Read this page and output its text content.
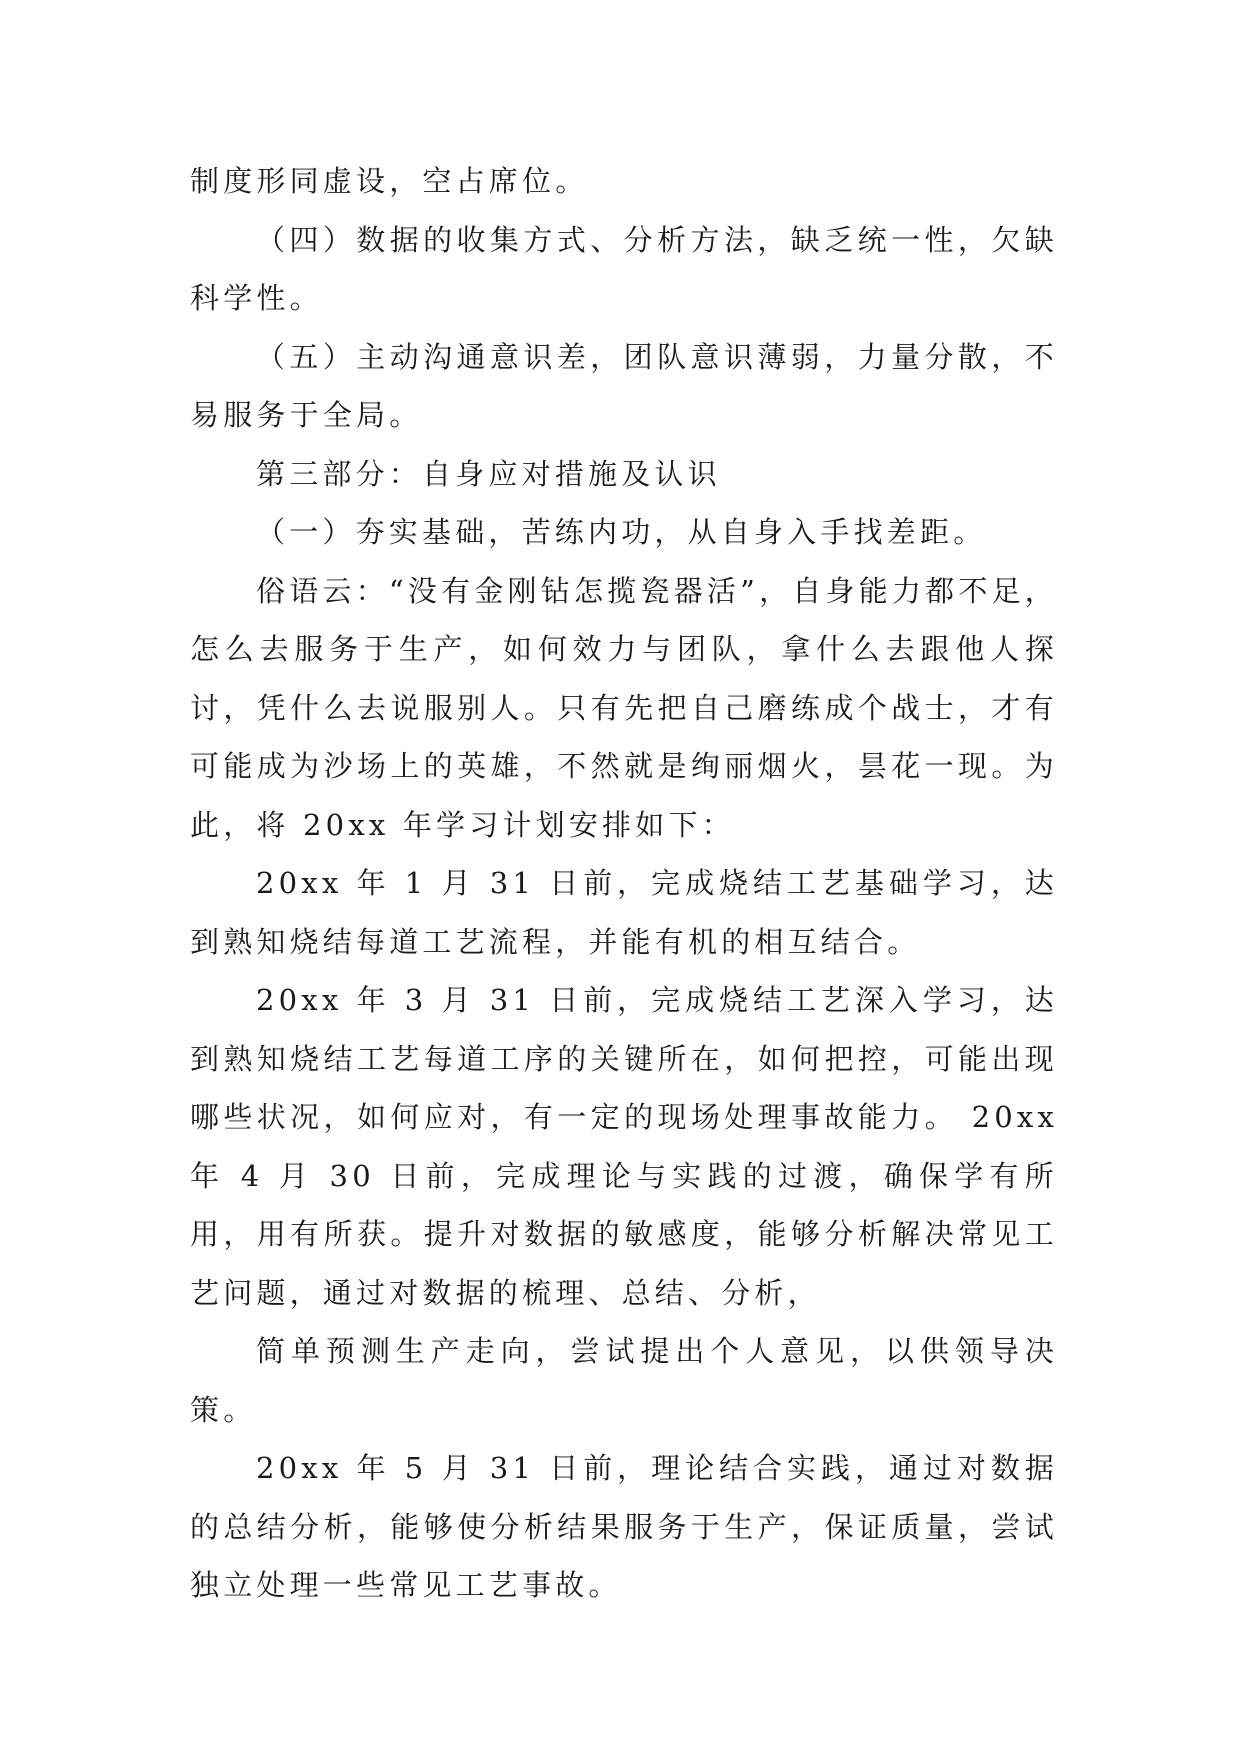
制度形同虚设，空占席位。

（四）数据的收集方式、分析方法，缺乏统一性，欠缺科学性。

（五）主动沟通意识差，团队意识薄弱，力量分散，不易服务于全局。

第三部分：自身应对措施及认识

（一）夯实基础，苦练内功，从自身入手找差距。

俗语云：“没有金刚钻怎揽瓷器活”，自身能力都不足，怎么去服务于生产，如何效力与团队，拿什么去跟他人探讨，凭什么去说服别人。只有先把自己磨练成个战士，才有可能成为沙场上的英雄，不然就是绚丽烟火，昙花一现。为此，将 20xx 年学习计划安排如下：

20xx 年 1 月 31 日前，完成烧结工艺基础学习，达到熟知烧结每道工艺流程，并能有机的相互结合。

20xx 年 3 月 31 日前，完成烧结工艺深入学习，达到熟知烧结工艺每道工序的关键所在，如何把控，可能出现哪些状况，如何应对，有一定的现场处理事故能力。 20xx 年 4 月 30 日前，完成理论与实践的过渡，确保学有所用，用有所获。提升对数据的敏感度，能够分析解决常见工艺问题，通过对数据的梳理、总结、分析，

简单预测生产走向，尝试提出个人意见，以供领导决策。

20xx 年 5 月 31 日前，理论结合实践，通过对数据的总结分析，能够使分析结果服务于生产，保证质量，尝试独立处理一些常见工艺事故。
